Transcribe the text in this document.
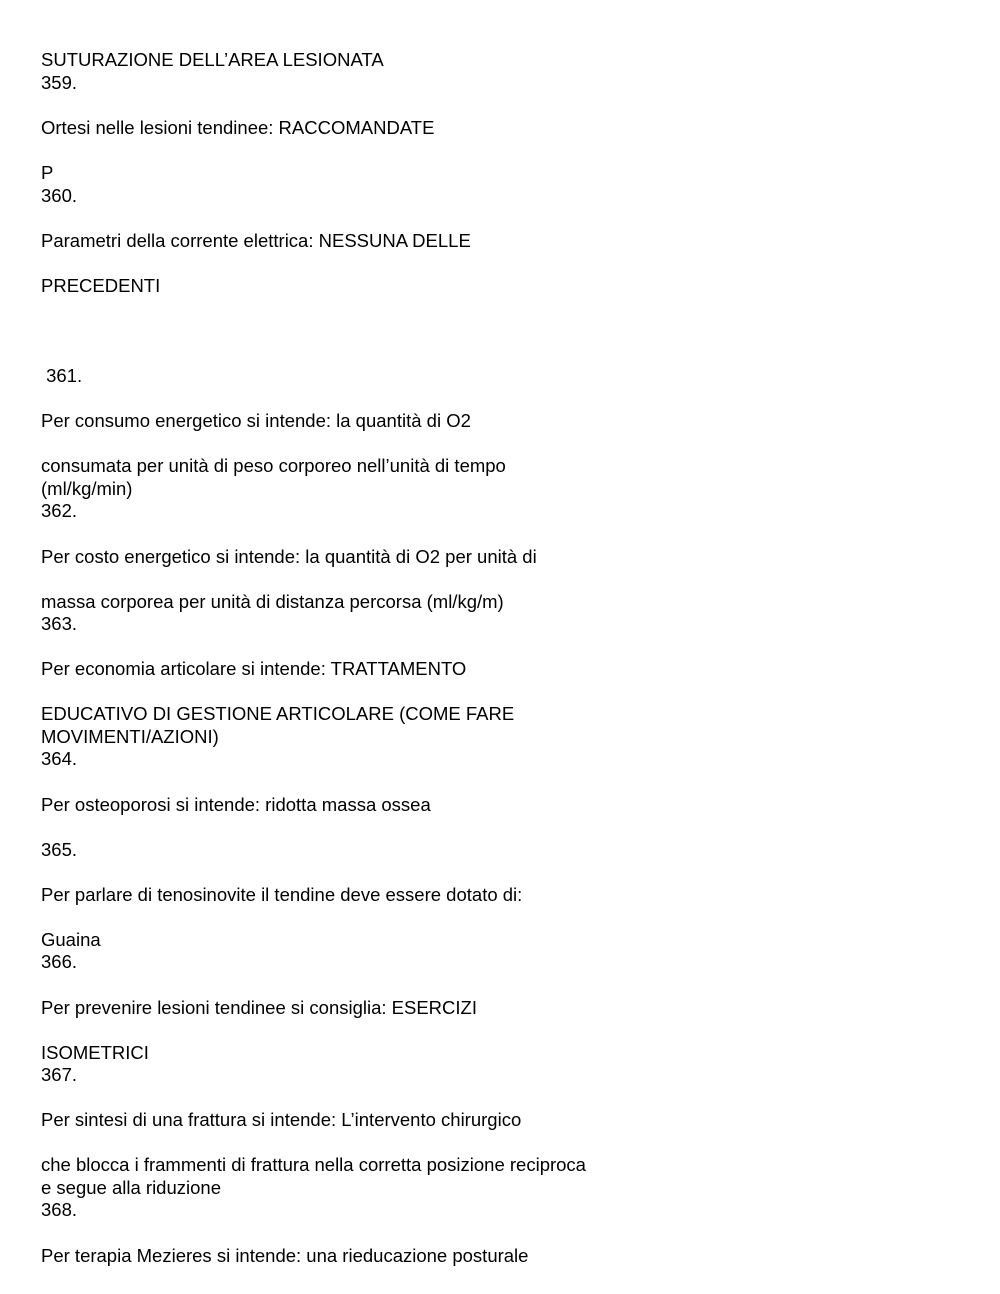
SUTURAZIONE DELL’AREA LESIONATA

359.

Ortesi nelle lesioni tendinee: RACCOMANDATE

P

360.

Parametri della corrente elettrica: NESSUNA DELLE

PRECEDENTI

361.

Per consumo energetico si intende: la quantità di O2

consumata per unità di peso corporeo nell’unità di tempo

(ml/kg/min)

362.

Per costo energetico si intende: la quantità di O2 per unità di

massa corporea per unità di distanza percorsa (ml/kg/m)

363.

Per economia articolare si intende: TRATTAMENTO

EDUCATIVO DI GESTIONE ARTICOLARE (COME FARE

MOVIMENTI/AZIONI)

364.

Per osteoporosi si intende: ridotta massa ossea

365.

Per parlare di tenosinovite il tendine deve essere dotato di:

Guaina

366.

Per prevenire lesioni tendinee si consiglia: ESERCIZI

ISOMETRICI

367.

Per sintesi di una frattura si intende: L’intervento chirurgico

che blocca i frammenti di frattura nella corretta posizione reciproca

e segue alla riduzione

368.

Per terapia Mezieres si intende: una rieducazione posturale
